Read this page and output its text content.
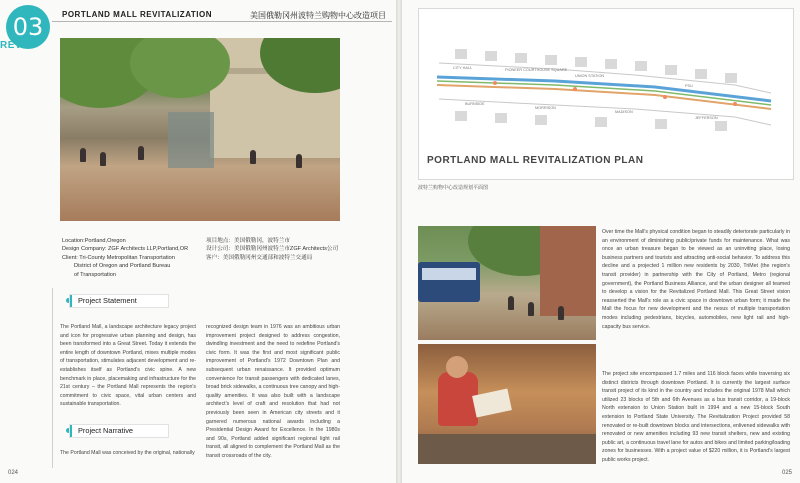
03
REV
PORTLAND MALL REVITALIZATION	美国俄勒冈州波特兰购物中心改造项目
Location:Portland,Oregon
Design Company: ZGF Architects LLP,Portland,OR
Client: Tri-County Metropolitan Transportation
District of Oregon and Portland Bureau
of Transportation
项目地点：美国俄勒冈，波特兰市
设计公司：美国俄勒冈州波特兰市ZGF Architects公司
客户：美国俄勒冈州交通部和波特兰交通局
Project Statement
The Portland Mall, a landscape architecture legacy project and icon for progressive urban planning and design, has been transformed into a Great Street. Today it extends the entire length of downtown Portland, mixes multiple modes of transportation, stimulates adjacent development and re-establishes itself as Portland's civic spine. A new benchmark in place, placemaking and infrastructure for the 21st century – the Portland Mall represents the region's commitment to civic space, vital urban centers and sustainable transportation.
recognized design team in 1976 was an ambitious urban improvement project designed to address congestion, dwindling investment and the need to redefine Portland's civic form. It was the first and most significant public improvement of Portland's 1972 Downtown Plan and subsequent urban renaissance. It provided optimum convenience for transit passengers with dedicated lanes, broad brick sidewalks, a continuous tree canopy and high-quality amenities. It was also built with a landscape architect's level of craft and resolution that had not previously been seen in American city streets and it garnered numerous national awards including a Presidential Design Award for Excellence. In the 1980s and 90s, Portland added significant regional light rail transit, all aligned to complement the Portland Mall as the transit crossroads of the city.
Project Narrative
The Portland Mall was conceived by the original, nationally
024
CITY HALL	PIONEER COURTHOUSE SQUARE
UNION STATION
PSU
BURNSIDE
MORRISON
MADISON
JEFFERSON
PORTLAND MALL REVITALIZATION PLAN
波特兰购物中心改造规划平面图
Over time the Mall's physical condition began to steadily deteriorate particularly in an environment of diminishing public/private funds for maintenance. What was once an urban treasure began to be viewed as an uninviting place, losing business partners and tourists and attracting anti-social behavior. To address this decline and a projected 1 million new residents by 2030, TriMet (the region's transit provider) in partnership with the City of Portland, Metro (regional government), the Portland Business Alliance, and the urban designer all teamed to develop a vision for the Revitalized Portland Mall. This Great Street vision reasserted the Mall's role as a civic space in downtown urban form; it made the Mall the focus for new development and the nexus of multiple transportation modes including pedestrians, bicycles, automobiles, new light rail and high-capacity bus service.
The project site encompassed 1.7 miles and 116 block faces while traversing six distinct districts through downtown Portland. It is currently the largest surface transit project of its kind in the country and includes the original 1978 Mall which utilized 23 blocks of 5th and 6th Avenues as a bus transit corridor, a 19-block North extension to Union Station built in 1994 and a new 15-block South extension to Portland State University. The Revitalization Project provided 58 renovated or re-built downtown blocks and intersections, enlivened sidewalks with renovated or new amenities including 93 new transit shelters, new and existing public art, a continuous travel lane for autos and bikes and limited parking/loading zones for businesses. With a project value of $220 million, it is Portland's largest public works project.
025
